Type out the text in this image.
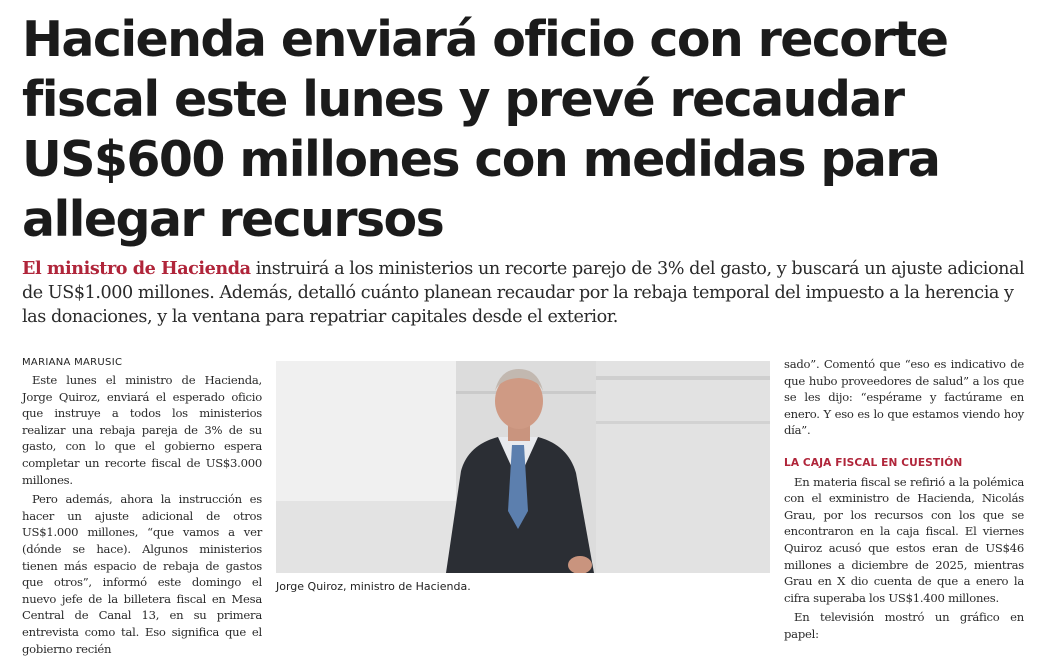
Hacienda enviará oficio con recorte fiscal este lunes y prevé recaudar US$600 millones con medidas para allegar recursos

El ministro de Hacienda instruirá a los ministerios un recorte parejo de 3% del gasto, y buscará un ajuste adicional de US$1.000 millones. Además, detalló cuánto planean recaudar por la rebaja temporal del impuesto a la herencia y las donaciones, y la ventana para repatriar capitales desde el exterior.

MARIANA MARUSIC

Este lunes el ministro de Hacienda, Jorge Quiroz, enviará el esperado oficio que instruye a todos los ministerios realizar una rebaja pareja de 3% de su gasto, con lo que el gobierno espera completar un recorte fiscal de US$3.000 millones.

Pero además, ahora la instrucción es hacer un ajuste adicional de otros US$1.000 millones, “que vamos a ver (dónde se hace). Algunos ministerios tienen más espacio de rebaja de gastos que otros”, informó este domingo el nuevo jefe de la billetera fiscal en Mesa Central de Canal 13, en su primera entrevista como tal. Eso significa que el gobierno recién

Jorge Quiroz, ministro de Hacienda.

sado”. Comentó que “eso es indicativo de que hubo proveedores de salud” a los que se les dijo: “espérame y factúrame en enero. Y eso es lo que estamos viendo hoy día”.

LA CAJA FISCAL EN CUESTIÓN

En materia fiscal se refirió a la polémica con el exministro de Hacienda, Nicolás Grau, por los recursos con los que se encontraron en la caja fiscal. El viernes Quiroz acusó que estos eran de US$46 millones a diciembre de 2025, mientras Grau en X dio cuenta de que a enero la cifra superaba los US$1.400 millones.

En televisión mostró un gráfico en papel:
